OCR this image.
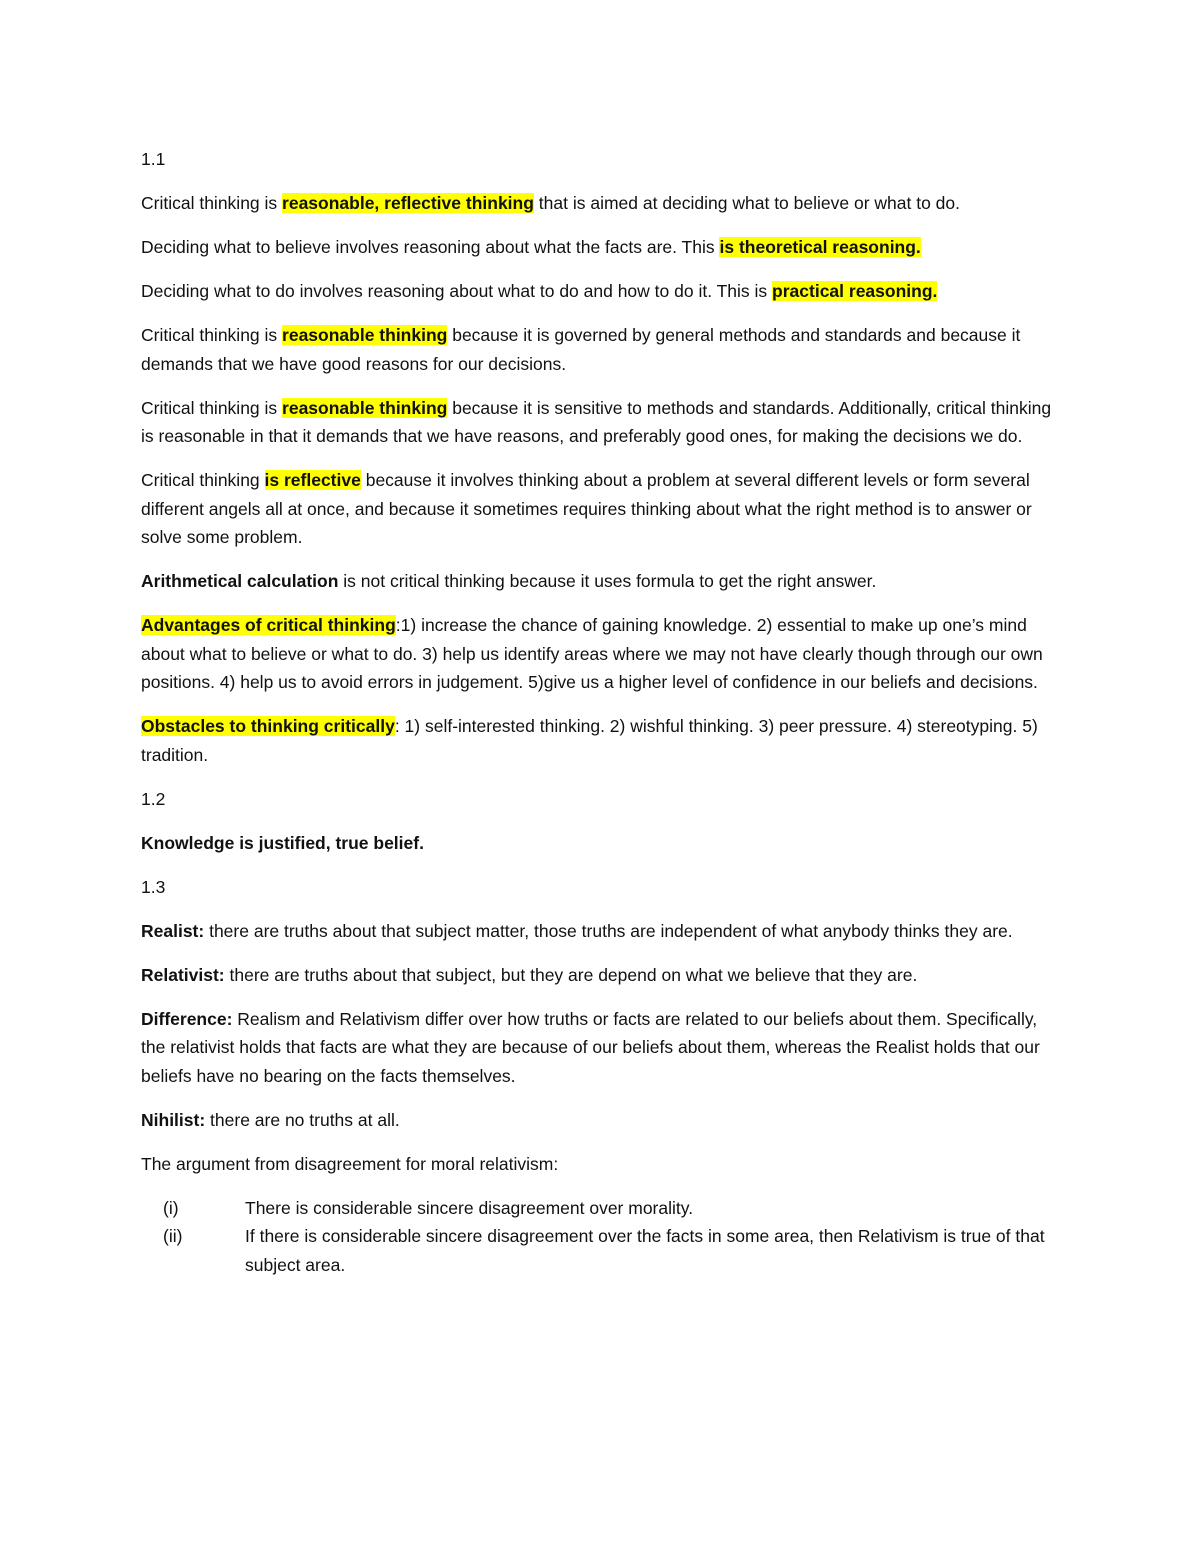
1.1

Critical thinking is reasonable, reflective thinking that is aimed at deciding what to believe or what to do.

Deciding what to believe involves reasoning about what the facts are. This is theoretical reasoning.

Deciding what to do involves reasoning about what to do and how to do it. This is practical reasoning.

Critical thinking is reasonable thinking because it is governed by general methods and standards and because it demands that we have good reasons for our decisions.

Critical thinking is reasonable thinking because it is sensitive to methods and standards. Additionally, critical thinking is reasonable in that it demands that we have reasons, and preferably good ones, for making the decisions we do.

Critical thinking is reflective because it involves thinking about a problem at several different levels or form several different angels all at once, and because it sometimes requires thinking about what the right method is to answer or solve some problem.

Arithmetical calculation is not critical thinking because it uses formula to get the right answer.

Advantages of critical thinking:1) increase the chance of gaining knowledge. 2) essential to make up one’s mind about what to believe or what to do. 3) help us identify areas where we may not have clearly though through our own positions. 4) help us to avoid errors in judgement. 5)give us a higher level of confidence in our beliefs and decisions.

Obstacles to thinking critically: 1) self-interested thinking. 2) wishful thinking. 3) peer pressure. 4) stereotyping. 5) tradition.

1.2

Knowledge is justified, true belief.

1.3

Realist: there are truths about that subject matter, those truths are independent of what anybody thinks they are.

Relativist: there are truths about that subject, but they are depend on what we believe that they are.

Difference: Realism and Relativism differ over how truths or facts are related to our beliefs about them. Specifically, the relativist holds that facts are what they are because of our beliefs about them, whereas the Realist holds that our beliefs have no bearing on the facts themselves.

Nihilist: there are no truths at all.

The argument from disagreement for moral relativism:

(i)	There is considerable sincere disagreement over morality.
(ii)	If there is considerable sincere disagreement over the facts in some area, then Relativism is true of that subject area.
